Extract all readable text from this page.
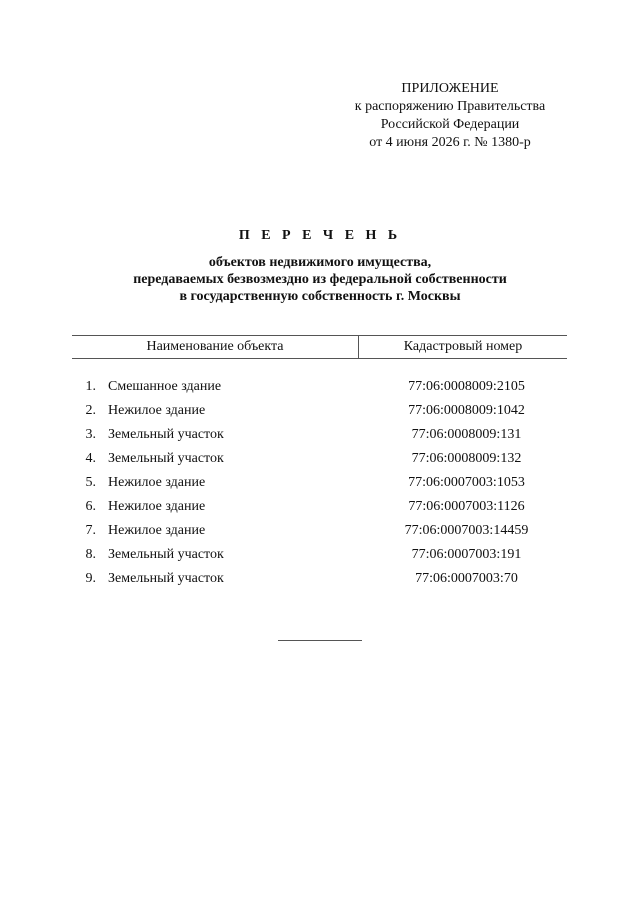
ПРИЛОЖЕНИЕ
к распоряжению Правительства
Российской Федерации
от 4 июня 2026 г. № 1380-р
П Е Р Е Ч Е Н Ь
объектов недвижимого имущества,
передаваемых безвозмездно из федеральной собственности
в государственную собственность г. Москвы
Наименование объекта	Кадастровый номер
1. Смешанное здание	77:06:0008009:2105
2. Нежилое здание	77:06:0008009:1042
3. Земельный участок	77:06:0008009:131
4. Земельный участок	77:06:0008009:132
5. Нежилое здание	77:06:0007003:1053
6. Нежилое здание	77:06:0007003:1126
7. Нежилое здание	77:06:0007003:14459
8. Земельный участок	77:06:0007003:191
9. Земельный участок	77:06:0007003:70
